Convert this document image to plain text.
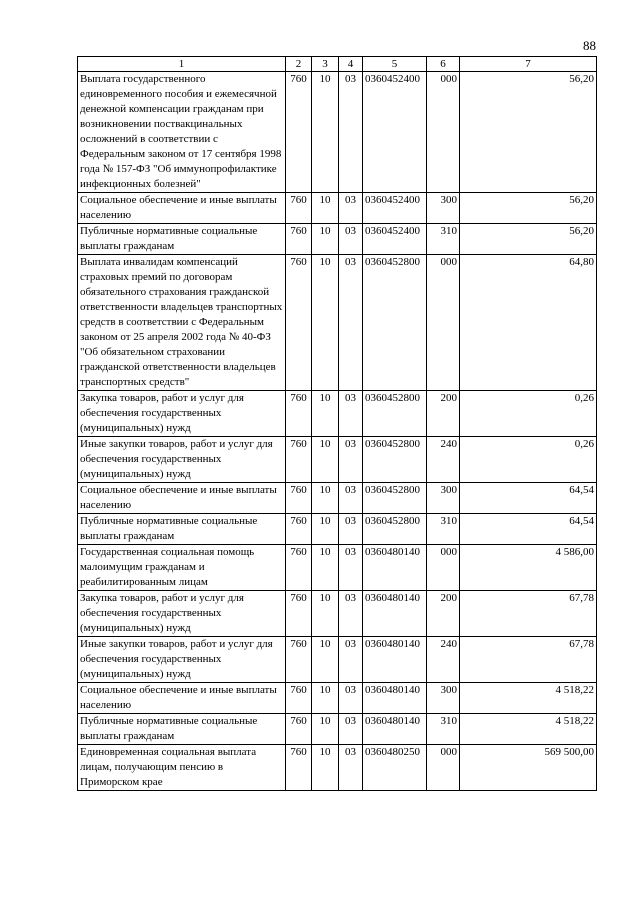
88
1	2	3	4	5	6	7
Выплата государственного единовременного пособия и ежемесячной денежной компенсации гражданам при возникновении поствакцинальных осложнений в соответствии с Федеральным законом от 17 сентября 1998 года № 157-ФЗ "Об иммунопрофилактике инфекционных болезней"	760	10	03	0360452400	000	56,20
Социальное обеспечение и иные выплаты населению	760	10	03	0360452400	300	56,20
Публичные нормативные социальные выплаты гражданам	760	10	03	0360452400	310	56,20
Выплата инвалидам компенсаций страховых премий по договорам обязательного страхования гражданской ответственности владельцев транспортных средств в соответствии с Федеральным законом от 25 апреля 2002 года № 40-ФЗ "Об обязательном страховании гражданской ответственности владельцев транспортных средств"	760	10	03	0360452800	000	64,80
Закупка товаров, работ и услуг для обеспечения государственных (муниципальных) нужд	760	10	03	0360452800	200	0,26
Иные закупки товаров, работ и услуг для обеспечения государственных (муниципальных) нужд	760	10	03	0360452800	240	0,26
Социальное обеспечение и иные выплаты населению	760	10	03	0360452800	300	64,54
Публичные нормативные социальные выплаты гражданам	760	10	03	0360452800	310	64,54
Государственная социальная помощь малоимущим гражданам и реабилитированным лицам	760	10	03	0360480140	000	4 586,00
Закупка товаров, работ и услуг для обеспечения государственных (муниципальных) нужд	760	10	03	0360480140	200	67,78
Иные закупки товаров, работ и услуг для обеспечения государственных (муниципальных) нужд	760	10	03	0360480140	240	67,78
Социальное обеспечение и иные выплаты населению	760	10	03	0360480140	300	4 518,22
Публичные нормативные социальные выплаты гражданам	760	10	03	0360480140	310	4 518,22
Единовременная социальная выплата лицам, получающим пенсию в Приморском крае	760	10	03	0360480250	000	569 500,00
